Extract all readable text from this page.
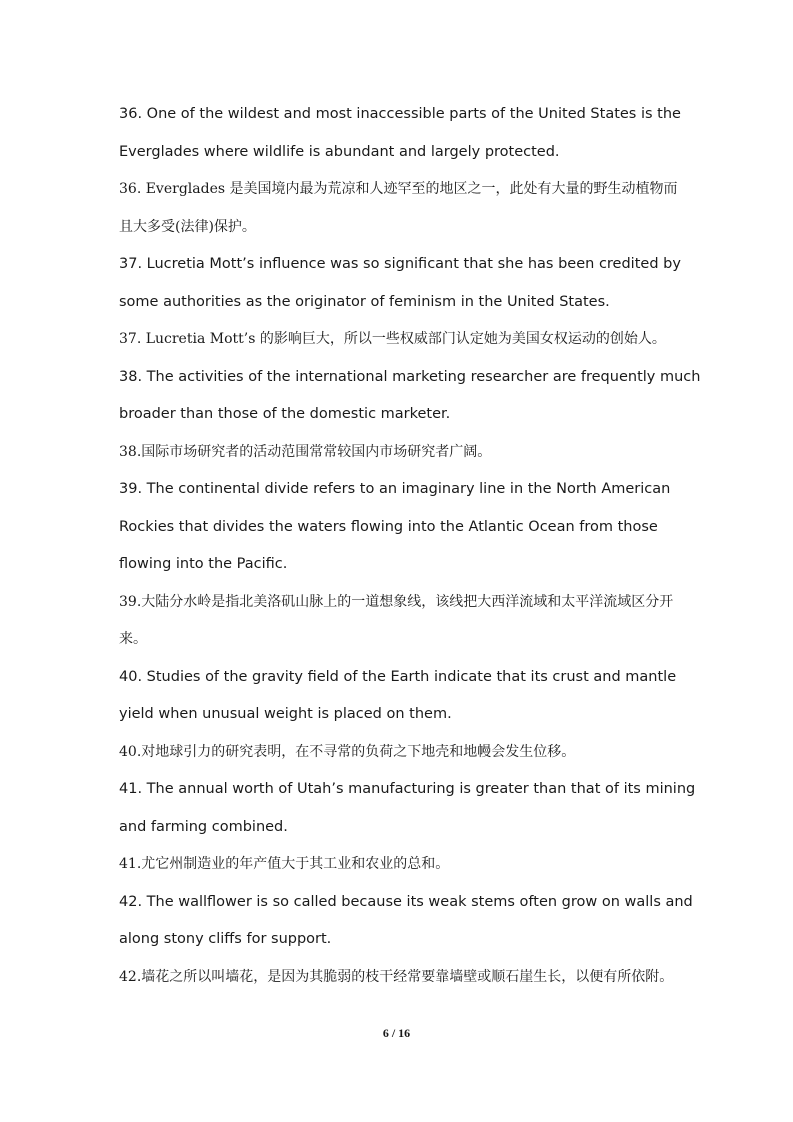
36. One of the wildest and most inaccessible parts of the United States is the

Everglades where wildlife is abundant and largely protected.

36. Everglades 是美国境内最为荒凉和人迹罕至的地区之一，此处有大量的野生动植物而

且大多受(法律)保护。

37. Lucretia Mott’s influence was so significant that she has been credited by

some authorities as the originator of feminism in the United States.

37. Lucretia Mott’s 的影响巨大，所以一些权威部门认定她为美国女权运动的创始人。

38. The activities of the international marketing researcher are frequently much

broader than those of the domestic marketer.

38.国际市场研究者的活动范围常常较国内市场研究者广阔。

39. The continental divide refers to an imaginary line in the North American

Rockies that divides the waters flowing into the Atlantic Ocean from those

flowing into the Pacific.

39.大陆分水岭是指北美洛矶山脉上的一道想象线，该线把大西洋流域和太平洋流域区分开

来。

40. Studies of the gravity field of the Earth indicate that its crust and mantle

yield when unusual weight is placed on them.

40.对地球引力的研究表明，在不寻常的负荷之下地壳和地幔会发生位移。

41. The annual worth of Utah’s manufacturing is greater than that of its mining

and farming combined.

41.尤它州制造业的年产值大于其工业和农业的总和。

42. The wallflower is so called because its weak stems often grow on walls and

along stony cliffs for support.

42.墙花之所以叫墙花，是因为其脆弱的枝干经常要靠墙壁或顺石崖生长，以便有所依附。

6 / 16
